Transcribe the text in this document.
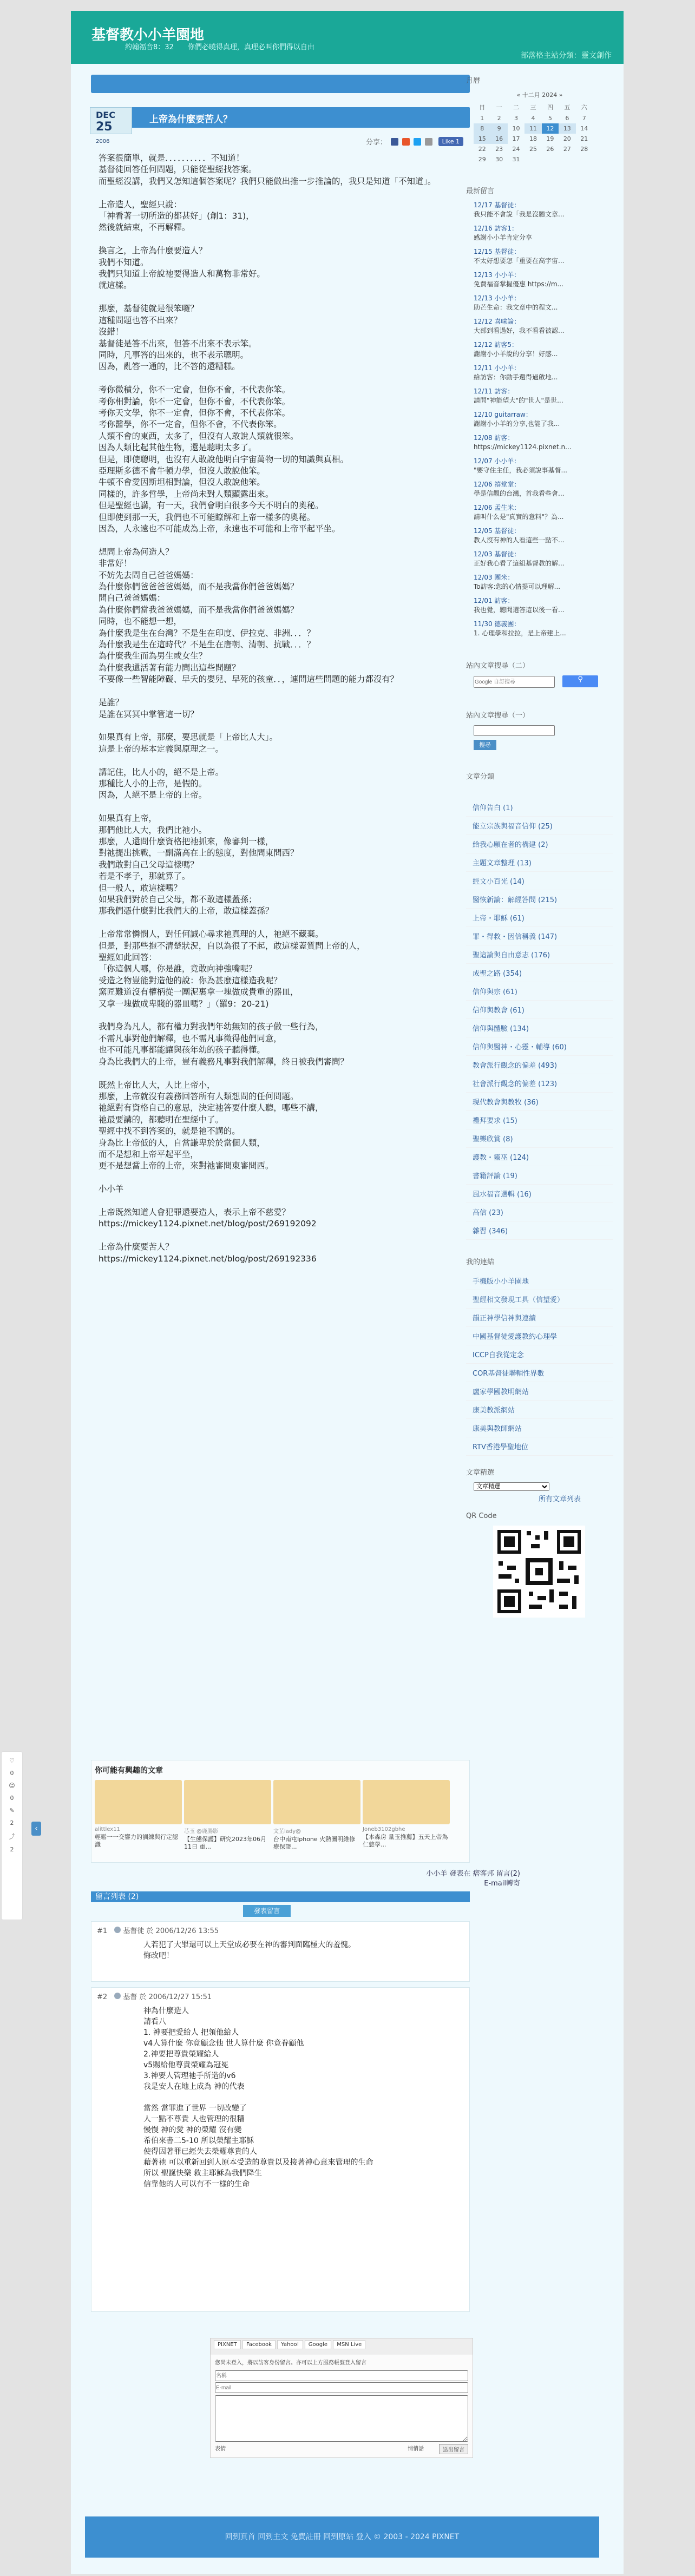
基督教小小羊園地
約翰福音8：32　　你們必曉得真理，真理必叫你們得以自由
部落格主站分類：靈文創作
DEC
25 2006
上帝為什麼要苦人？
分享：	Like 1
答案很簡單，就是．．．．．．．．．．不知道！
基督徒回答任何問題，只能從聖經找答案。
而聖經沒講，我們又怎知這個答案呢？我們只能做出推一步推論的，我只是知道「不知道」。

上帝造人，聖經只說：
「神看著一切所造的都甚好」(創1：31)，
然後就結束，不再解釋。

換言之，上帝為什麼要造人？
我們不知道。
我們只知道上帝說祂要得造人和萬物非常好。
就這樣。

那麼，基督徒就是很笨囉？
這種問題也答不出來？
沒錯！
基督徒是答不出來，但答不出來不表示笨。
同時，凡事答的出來的，也不表示聰明。
因為，亂答一通的，比不答的還糟糕。

考你微積分，你不一定會，但你不會，不代表你笨。
考你相對論，你不一定會，但你不會，不代表你笨。
考你天文學，你不一定會，但你不會，不代表你笨。
考你醫學，你不一定會，但你不會，不代表你笨。
人類不會的東西，太多了，但沒有人敢說人類就很笨。
因為人類比起其他生物，還是聰明太多了。
但是，即使聰明，也沒有人敢說他明白宇宙萬物一切的知識與真相。
亞理斯多德不會牛頓力學，但沒人敢說他笨。
牛頓不會愛因斯坦相對論，但沒人敢說他笨。
同樣的，許多哲學，上帝尚未對人類顯露出來。
但是聖經也講，有一天，我們會明白很多今天不明白的奧秘。
但即使到那一天，我們也不可能瞭解和上帝一樣多的奧秘。
因為，人永遠也不可能成為上帝，永遠也不可能和上帝平起平坐。

想問上帝為何造人？
非常好！
不妨先去問自己爸爸媽媽：
為什麼你們爸爸爸爸媽媽，而不是我當你們爸爸媽媽？
問自己爸爸媽媽：
為什麼你們當我爸爸媽媽，而不是我當你們爸爸媽媽？
同時，也不能想一想，
為什麼我是生在台灣？不是生在印度、伊拉克、非洲．．．？
為什麼我是生在這時代？不是生在唐朝、清朝、抗戰．．．？
為什麼我生而為男生或女生？
為什麼我還活著有能力問出這些問題？
不要像一些智能障礙、早夭的嬰兒、早死的孩童．．，連問這些問題的能力都沒有？

是誰？
是誰在冥冥中掌管這一切？

如果真有上帝，那麼，要思就是「上帝比人大」。
這是上帝的基本定義與原理之一。

講記住，比人小的，絕不是上帝。
那種比人小的上帝，是假的。
因為，人絕不是上帝的上帝。

如果真有上帝，
那們他比人大，我們比祂小。
那麼，人還問什麼資格把祂抓來，像審判一樣，
對祂提出挑戰，一副滿高在上的態度，對他問東問西？
我們敢對自己父母這樣嗎？
若是不孝子，那就算了。
但一般人，敢這樣嗎？
如果我們對於自己父母，都不敢這樣蓋孫；
那我們憑什麼對比我們大的上帝，敢這樣蓋孫？

上帝常常憐憫人，對任何誠心尋求祂真理的人，祂絕不藏棄。
但是，對那些抱不清楚狀況，自以為很了不起，敢這樣蓋質問上帝的人，
聖經如此回答：
「你這個人哪，你是誰，竟敢向神強嘴呢？
受造之物豈能對造他的說：你為甚麼這樣造我呢？
窯匠難道沒有權柄從一團泥裏拿一塊做成貴重的器皿，
又拿一塊做成卑賤的器皿嗎？」（羅9：20-21)

我們身為凡人，都有權力對我們年幼無知的孩子做一些行為，
不需凡事對他們解釋，也不需凡事徵得他們同意，
也不可能凡事都能讓與孩年幼的孩子聽得懂。
身為比我們大的上帝，豈有義務凡事對我們解釋，終日被我們審問？

既然上帝比人大，人比上帝小，
那麼，上帝就沒有義務回答所有人類想問的任何問題。
祂絕對有資格自己的意思，決定祂答要什麼人聽，哪些不講，
祂最要講的，都聽明在聖經中了。
聖經中找不到答案的，就是祂不講的。
身為比上帝低的人，自當謙卑於於當個人類，
而不是想和上帝平起平坐，
更不是想當上帝的上帝，來對祂審問東審問西。

小小羊

上帝既然知道人會犯罪還要造人，表示上帝不慈愛？
https://mickey1124.pixnet.net/blog/post/269192092

上帝為什麼要苦人？
https://mickey1124.pixnet.net/blog/post/269192336
你可能有興趣的文章
alittlex11
輕鬆一一交響力的訓練與行定認識
芯玉 @鹿腸影
【生態保護】研究2023年06月11日 重...
文芷lady@
台中南屯Iphone 火熱圖明維修療保證...
Joneb3102gbhe
【本森房 量玉推薦】五天上帝為仁慈學...
小小羊 發表在 痞客邦 留言(2)
E-mail轉寄
留言列表 (2)
發表留言
#1　 基督徒 於 2006/12/26 13:55
人若犯了大罪還可以上天堂成必要在神的審判面臨極大的羞愧。
悔改吧！
#2　 基督 於 2006/12/27 15:51
神為什麼造人
請看八
1. 神要把愛給人 把領他給人
v4人算什麼 你竟顧念他 世人算什麼 你竟眷顧他
2.神要把尊貴榮耀給人
v5賜給他尊貴榮耀為冠冕
3.神要人管理祂手所造的v6
我是安人在地上成為 神的代表

當然 當罪進了世界 一切改變了
人一點不尊貴 人也管理的很糟
慢慢 神的愛 神的榮耀 沒有變
希伯來書二5-10 所以榮耀主耶穌
使得因著罪已經失去榮耀尊貴的人
藉著祂 可以重新回到人原本受造的尊貴以及接著神心意來管理的生命
所以 聖誕快樂 救主耶穌為我們降生
信靠他的人可以有不一樣的生命
PIXNET Facebook Yahoo! Google MSN Live
您尚未登入，將以訪客身份留言。亦可以上方服務帳號登入留言
名稱
E-mail
表情	悄悄話	送出留言
回到頁首 回到主文 免費註冊 回到原站 登入 © 2003 - 2024 PIXNET
月曆
« 十二月 2024 »
日	一	二	三	四	五	六
1	2	3	4	5	6	7
8	9	10	11	12	13	14
15	16	17	18	19	20	21
22	23	24	25	26	27	28
29	30	31				
最新留言
12/17 基督徒：
我只能不會說「我是沒聽文章...
12/16 訪客1：
感謝小小羊肯定分享
12/15 基督徒：
不太好想要怎「重要在高宇宙...
12/13 小小羊：
免費福音掌握優惠 https://m...
12/13 小小羊：
助芒生命：我文章中的程文...
12/12 喜味論：
大部到看過好，我不看看被認...
12/12 訪客5：
謝謝小小羊說的分享！好感...
12/11 小小羊：
給訪客：你動手還得過啟地...
12/11 訪客：
請問"神能望大"的"世人"是世...
12/10 guitarraw：
謝謝小小羊的分享,也能了我...
12/08 訪客：
https://mickey1124.pixnet.n...
12/07 小小羊：
"要守住主任，我必須說事基督...
12/06 禧堂堂：
學是信觀的台灣，首我看些會...
12/06 孟生米：
請叫什么是"真實的意料"？為...
12/05 基督徒：
教人沒有神的人看這些一點不...
12/03 基督徒：
正好我心看了這組基督教的解...
12/03 團米：
To訪客:您的心情提可以理解...
12/01 訪客：
我也覺，聽聞選答這以後一看...
11/30 德義團：
1. 心理學和拉拉，是上帝建上...
站內文章搜尋（二）
Google 自訂搜尋 ⚲
站內文章搜尋（一）
搜尋
文章分類
信仰告白 (1)
能立宗族與福音信仰 (25)
給我心願在者的構建 (2)
主題文章整理 (13)
經文小百光 (14)
醫恢新論：解經答問 (215)
上帝・耶穌 (61)
罪・得救・因信稱義 (147)
聖這論與自由意志 (176)
成聖之路 (354)
信仰與宗 (61)
信仰與教會 (61)
信仰與體驗 (134)
信仰與醫神・心靈・輔導 (60)
教會派行觀念的偏差 (493)
社會派行觀念的偏差 (123)
現代教會與教牧 (36)
禮拜要求 (15)
聖樂欣賞 (8)
護教・靈巫 (124)
書籍評論 (19)
風水福音選輯 (16)
高信 (23)
雜習 (346)
我的連結
手機版小小羊園地
聖經相文發現工具（信望愛）
韻正神學信神與連續
中國基督徒愛護教約心理學
ICCP自我從定念
COR基督徒聯輔性界數
盧家學國教明網站
康美教派網站
康美與教師網站
RTV香港學聖地位
文章精選
文章精選
所有文章列表
QR Code
♡
0
☺
0
✎
2
⤴
2
‹
